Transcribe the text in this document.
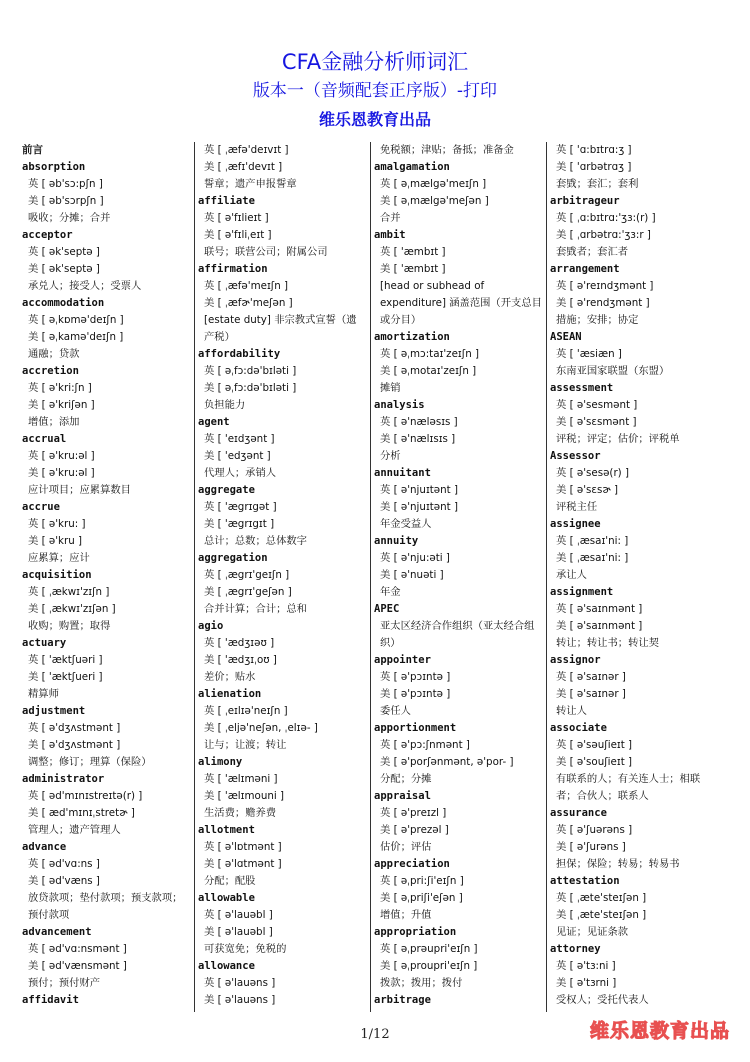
CFA金融分析师词汇
版本一（音频配套正序版）-打印
维乐恩教育出品
前言
absorption
英 [ əb'sɔ:pʃn ]
美 [ əb'sɔrpʃn ]
吸收；分摊；合并
acceptor
英 [ ək'septə ]
美 [ ək'septə ]
承兑人；接受人；受票人
accommodation
英 [ əˌkɒmə'deɪʃn ]
美 [ əˌkamə'deɪʃn ]
通融；贷款
accretion
英 [ ə'kri:ʃn ]
美 [ ə'kriʃən ]
增值；添加
accrual
英 [ ə'kru:əl ]
美 [ ə'kru:əl ]
应计项目；应累算数目
accrue
英 [ ə'kru: ]
美 [ ə'kru ]
应累算；应计
acquisition
英 [ ˌækwɪ'zɪʃn ]
美 [ ˌækwɪ'zɪʃən ]
收购；购置；取得
actuary
英 [ 'æktʃuəri ]
美 [ 'æktʃueri ]
精算师
adjustment
英 [ ə'dʒʌstmənt ]
美 [ ə'dʒʌstmənt ]
调整；修订；理算（保险）
administrator
英 [ əd'mɪnɪstreɪtə(r) ]
美 [ æd'mɪnɪˌstretɚ ]
管理人；遗产管理人
advance
英 [ əd'vɑ:ns ]
美 [ əd'væns ]
放贷款项；垫付款项；预支款项；预付款项
advancement
英 [ əd'vɑ:nsmənt ]
美 [ əd'vænsmənt ]
预付；预付财产
affidavit
英 [ ˌæfə'deɪvɪt ]
美 [ ˌæfɪ'devɪt ]
誓章；遗产申报誓章
affiliate
英 [ ə'fɪlieɪt ]
美 [ ə'fɪliˌeɪt ]
联号；联营公司；附属公司
affirmation
英 [ ˌæfə'meɪʃn ]
美 [ ˌæfɚ'meʃən ]
[estate duty] 非宗教式宣誓（遗产税）
affordability
英 [ əˌfɔ:də'bɪləti ]
美 [ əˌfɔ:də'bɪləti ]
负担能力
agent
英 [ 'eɪdʒənt ]
美 [ 'edʒənt ]
代理人；承销人
aggregate
英 [ 'ægrɪgət ]
美 [ 'ægrɪgɪt ]
总计；总数；总体数字
aggregation
英 [ ˌægrɪ'geɪʃn ]
美 [ ˌægrɪ'geʃən ]
合并计算；合计；总和
agio
英 [ 'ædʒɪəʊ ]
美 [ 'ædʒɪˌoʊ ]
差价；贴水
alienation
英 [ ˌeɪlɪə'neɪʃn ]
美 [ ˌeljə'neʃən, ˌelɪə- ]
让与；让渡；转让
alimony
英 [ 'ælɪməni ]
美 [ 'ælɪmouni ]
生活费；赡养费
allotment
英 [ ə'lɒtmənt ]
美 [ ə'lɑtmənt ]
分配；配股
allowable
英 [ ə'lauəbl ]
美 [ ə'lauəbl ]
可获宽免；免税的
allowance
英 [ ə'lauəns ]
美 [ ə'lauəns ]
免税额；津贴；备抵；准备金
amalgamation
英 [ əˌmælgə'meɪʃn ]
美 [ əˌmælgə'meʃən ]
合并
ambit
英 [ 'æmbɪt ]
美 [ 'æmbɪt ]
[head or subhead of expenditure] 涵盖范围（开支总目或分目）
amortization
英 [ əˌmɔ:taɪ'zeɪʃn ]
美 [ əˌmotaɪ'zeɪʃn ]
摊销
analysis
英 [ ə'næləsɪs ]
美 [ ə'nælɪsɪs ]
分析
annuitant
英 [ ə'njuɪtənt ]
美 [ ə'njuɪtənt ]
年金受益人
annuity
英 [ ə'nju:əti ]
美 [ ə'nuəti ]
年金
APEC
亚太区经济合作组织（亚太经合组织）
appointer
英 [ ə'pɔɪntə ]
美 [ ə'pɔɪntə ]
委任人
apportionment
英 [ ə'pɔ:ʃnmənt ]
美 [ ə'porʃənmənt, ə'por- ]
分配；分摊
appraisal
英 [ ə'preɪzl ]
美 [ ə'prezəl ]
估价；评估
appreciation
英 [ əˌpri:ʃi'eɪʃn ]
美 [ əˌpriʃi'eʃən ]
增值；升值
appropriation
英 [ əˌprəupri'eɪʃn ]
美 [ əˌproupri'eɪʃn ]
拨款；拨用；拨付
arbitrage
英 [ 'ɑ:bɪtrɑ:ʒ ]
美 [ 'ɑrbətrɑʒ ]
套戥；套汇；套利
arbitrageur
英 [ ˌɑ:bɪtrɑ:'ʒɜ:(r) ]
美 [ ˌɑrbətrɑ:'ʒɜ:r ]
套戥者；套汇者
arrangement
英 [ ə'reɪndʒmənt ]
美 [ ə'rendʒmənt ]
措施；安排；协定
ASEAN
英 [ 'æsiæn ]
东南亚国家联盟（东盟）
assessment
英 [ ə'sesmənt ]
美 [ ə'sɛsmənt ]
评税；评定；估价；评税单
Assessor
英 [ ə'sesə(r) ]
美 [ ə'sɛsɚ ]
评税主任
assignee
英 [ ˌæsaɪ'ni: ]
美 [ ˌæsaɪ'ni: ]
承让人
assignment
英 [ ə'saɪnmənt ]
美 [ ə'saɪnmənt ]
转让；转让书；转让契
assignor
英 [ ə'saɪnər ]
美 [ ə'saɪnər ]
转让人
associate
英 [ ə'səuʃieɪt ]
美 [ ə'souʃieɪt ]
有联系的人；有关连人士；相联者；合伙人；联系人
assurance
英 [ ə'ʃuərəns ]
美 [ ə'ʃurəns ]
担保；保险；转易；转易书
attestation
英 [ ˌæte'steɪʃən ]
美 [ ˌæte'steɪʃən ]
见证；见证条款
attorney
英 [ ə'tɜ:ni ]
美 [ ə'tɜrni ]
受权人；受托代表人
1/12	维乐恩教育出品
